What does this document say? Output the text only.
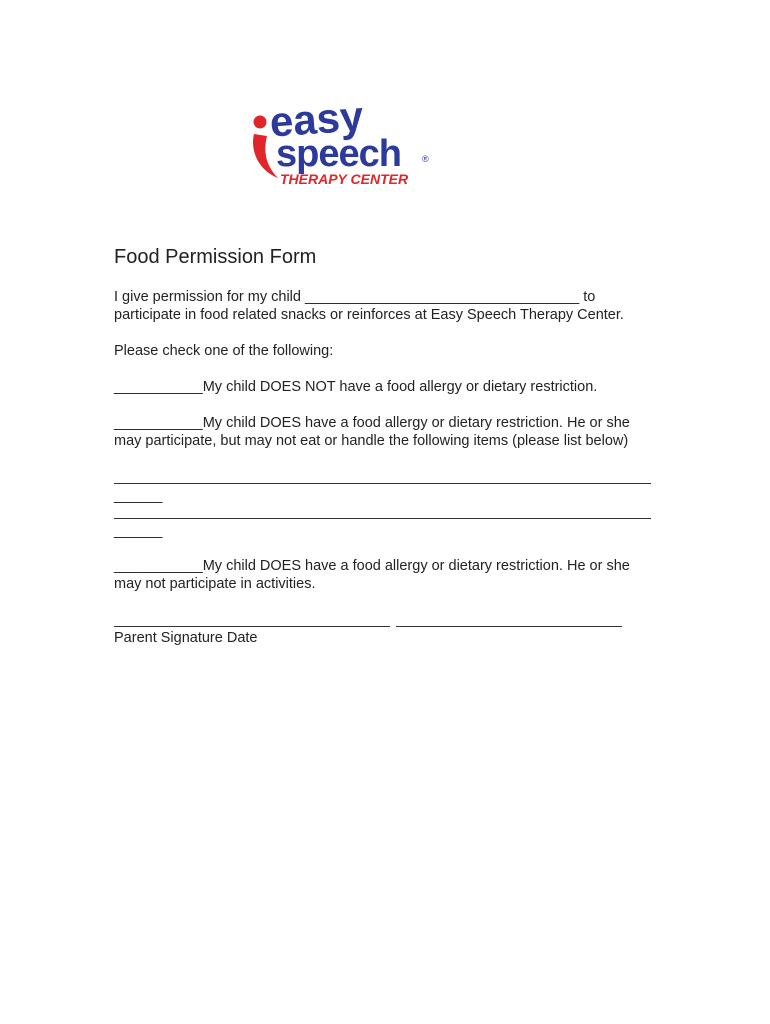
easy
speech ®
THERAPY CENTER
Food Permission Form
I give permission for my child __________________________________ to
participate in food related snacks or reinforces at Easy Speech Therapy Center.
Please check one of the following:
___________My child DOES NOT have a food allergy or dietary restriction.
___________My child DOES have a food allergy or dietary restriction. He or she
may participate, but may not eat or handle the following items (please list below)
______
______
___________My child DOES have a food allergy or dietary restriction. He or she
may not participate in activities.
Parent Signature Date
